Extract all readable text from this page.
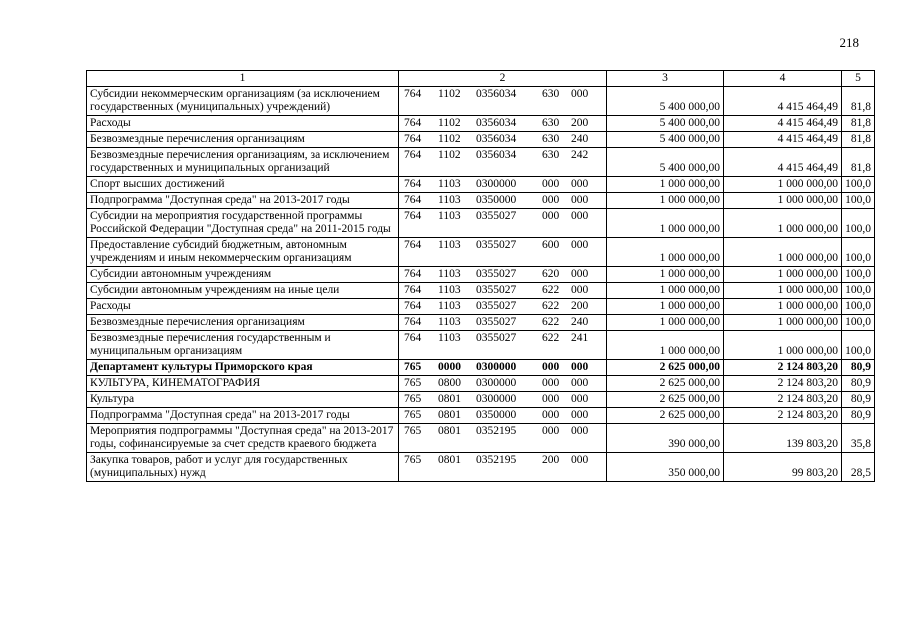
218
1	2	3	4	5
Субсидии некоммерческим организациям (за исключением государственных (муниципальных) учреждений)	764 1102 0356034 630 000	5 400 000,00	4 415 464,49	81,8
Расходы	764 1102 0356034 630 200	5 400 000,00	4 415 464,49	81,8
Безвозмездные перечисления организациям	764 1102 0356034 630 240	5 400 000,00	4 415 464,49	81,8
Безвозмездные перечисления организациям, за исключением государственных и муниципальных организаций	764 1102 0356034 630 242	5 400 000,00	4 415 464,49	81,8
Спорт высших достижений	764 1103 0300000 000 000	1 000 000,00	1 000 000,00	100,0
Подпрограмма "Доступная среда" на 2013-2017 годы	764 1103 0350000 000 000	1 000 000,00	1 000 000,00	100,0
Субсидии на мероприятия государственной программы Российской Федерации "Доступная среда" на 2011-2015 годы	764 1103 0355027 000 000	1 000 000,00	1 000 000,00	100,0
Предоставление субсидий бюджетным, автономным учреждениям и иным некоммерческим организациям	764 1103 0355027 600 000	1 000 000,00	1 000 000,00	100,0
Субсидии автономным учреждениям	764 1103 0355027 620 000	1 000 000,00	1 000 000,00	100,0
Субсидии автономным учреждениям на иные цели	764 1103 0355027 622 000	1 000 000,00	1 000 000,00	100,0
Расходы	764 1103 0355027 622 200	1 000 000,00	1 000 000,00	100,0
Безвозмездные перечисления организациям	764 1103 0355027 622 240	1 000 000,00	1 000 000,00	100,0
Безвозмездные перечисления государственным и муниципальным организациям	764 1103 0355027 622 241	1 000 000,00	1 000 000,00	100,0
Департамент культуры Приморского края	765 0000 0300000 000 000	2 625 000,00	2 124 803,20	80,9
КУЛЬТУРА, КИНЕМАТОГРАФИЯ	765 0800 0300000 000 000	2 625 000,00	2 124 803,20	80,9
Культура	765 0801 0300000 000 000	2 625 000,00	2 124 803,20	80,9
Подпрограмма "Доступная среда" на 2013-2017 годы	765 0801 0350000 000 000	2 625 000,00	2 124 803,20	80,9
Мероприятия подпрограммы "Доступная среда" на 2013-2017 годы, софинансируемые за счет средств краевого бюджета	765 0801 0352195 000 000	390 000,00	139 803,20	35,8
Закупка товаров, работ и услуг для государственных (муниципальных) нужд	765 0801 0352195 200 000	350 000,00	99 803,20	28,5
